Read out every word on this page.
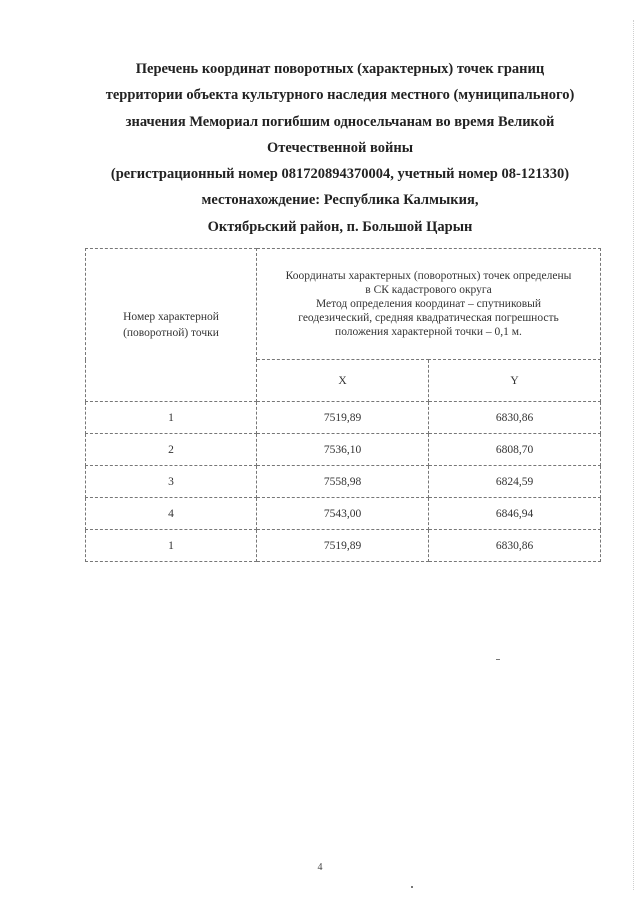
Перечень координат поворотных (характерных) точек границ
территории объекта культурного наследия местного (муниципального)
значения Мемориал погибшим односельчанам во время Великой
Отечественной войны
(регистрационный номер 081720894370004, учетный номер 08-121330)
местонахождение: Республика Калмыкия,
Октябрьский район, п. Большой Царын
Номер характерной
(поворотной) точки	Координаты характерных (поворотных) точек определены
в СК кадастрового округа
Метод определения координат – спутниковый
геодезический, средняя квадратическая погрешность
положения характерной точки – 0,1 м.	

	X	Y
1	7519,89	6830,86
2	7536,10	6808,70
3	7558,98	6824,59
4	7543,00	6846,94
1	7519,89	6830,86
4
